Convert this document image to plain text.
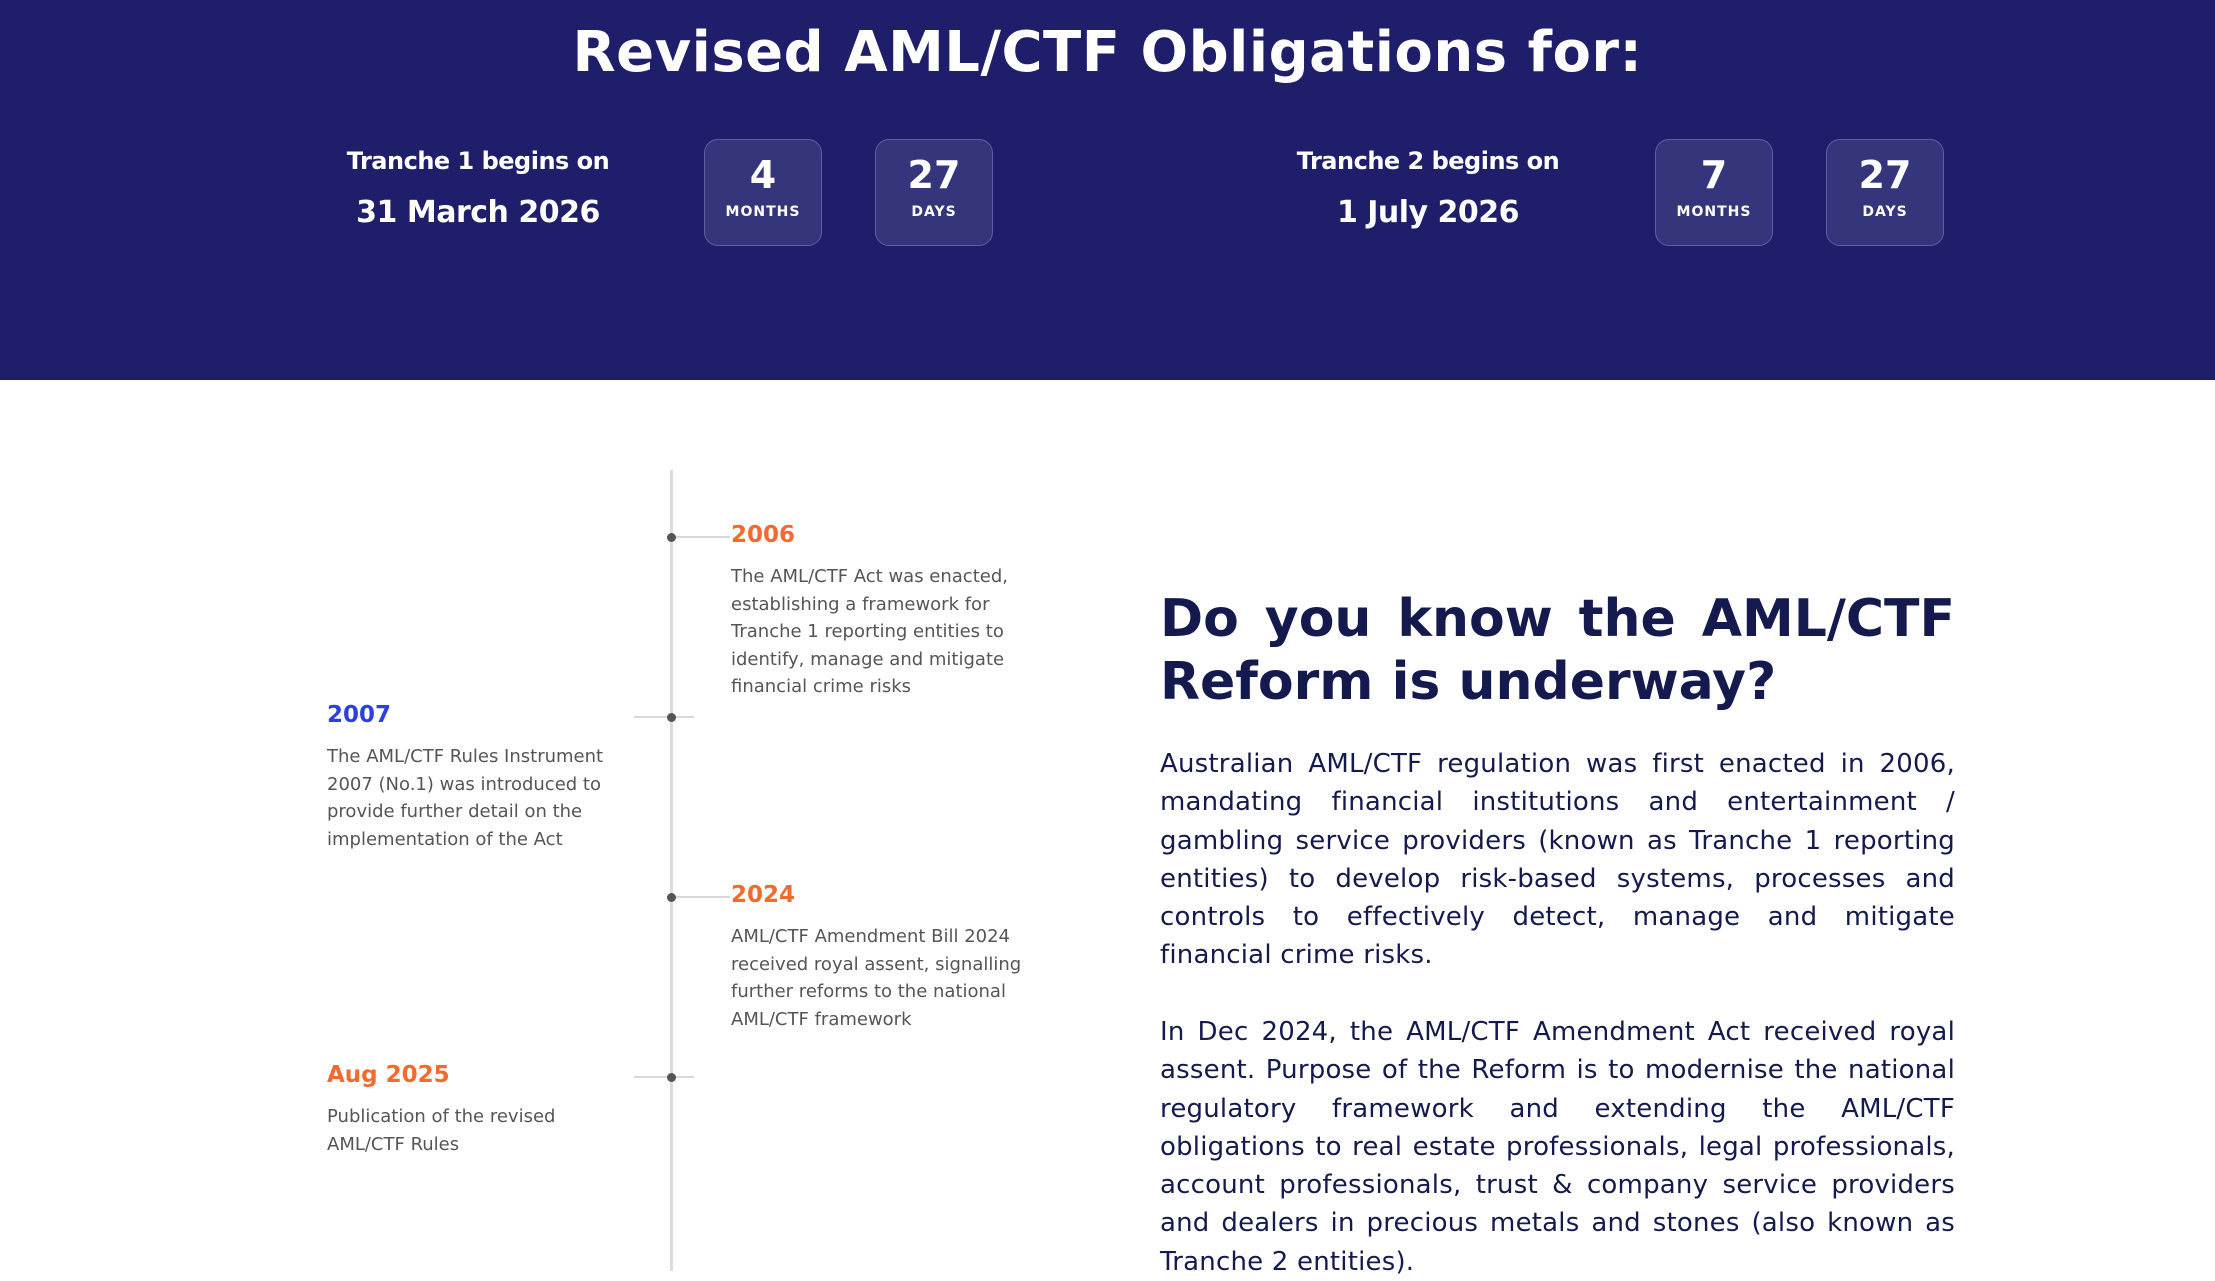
Revised AML/CTF Obligations for:
Tranche 1 begins on
31 March 2026
4
MONTHS
27
DAYS
Tranche 2 begins on
1 July 2026
7
MONTHS
27
DAYS
2006
The AML/CTF Act was enacted, establishing a framework for Tranche 1 reporting entities to identify, manage and mitigate financial crime risks
2007
The AML/CTF Rules Instrument 2007 (No.1) was introduced to provide further detail on the implementation of the Act
2024
AML/CTF Amendment Bill 2024 received royal assent, signalling further reforms to the national AML/CTF framework
Aug 2025
Publication of the revised AML/CTF Rules
Do you know the AML/CTF
Reform is underway?

Australian AML/CTF regulation was first enacted in 2006, mandating financial institutions and entertainment / gambling service providers (known as Tranche 1 reporting entities) to develop risk-based systems, processes and controls to effectively detect, manage and mitigate financial crime risks.

In Dec 2024, the AML/CTF Amendment Act received royal assent. Purpose of the Reform is to modernise the national regulatory framework and extending the AML/CTF obligations to real estate professionals, legal professionals, account professionals, trust & company service providers and dealers in precious metals and stones (also known as Tranche 2 entities).
